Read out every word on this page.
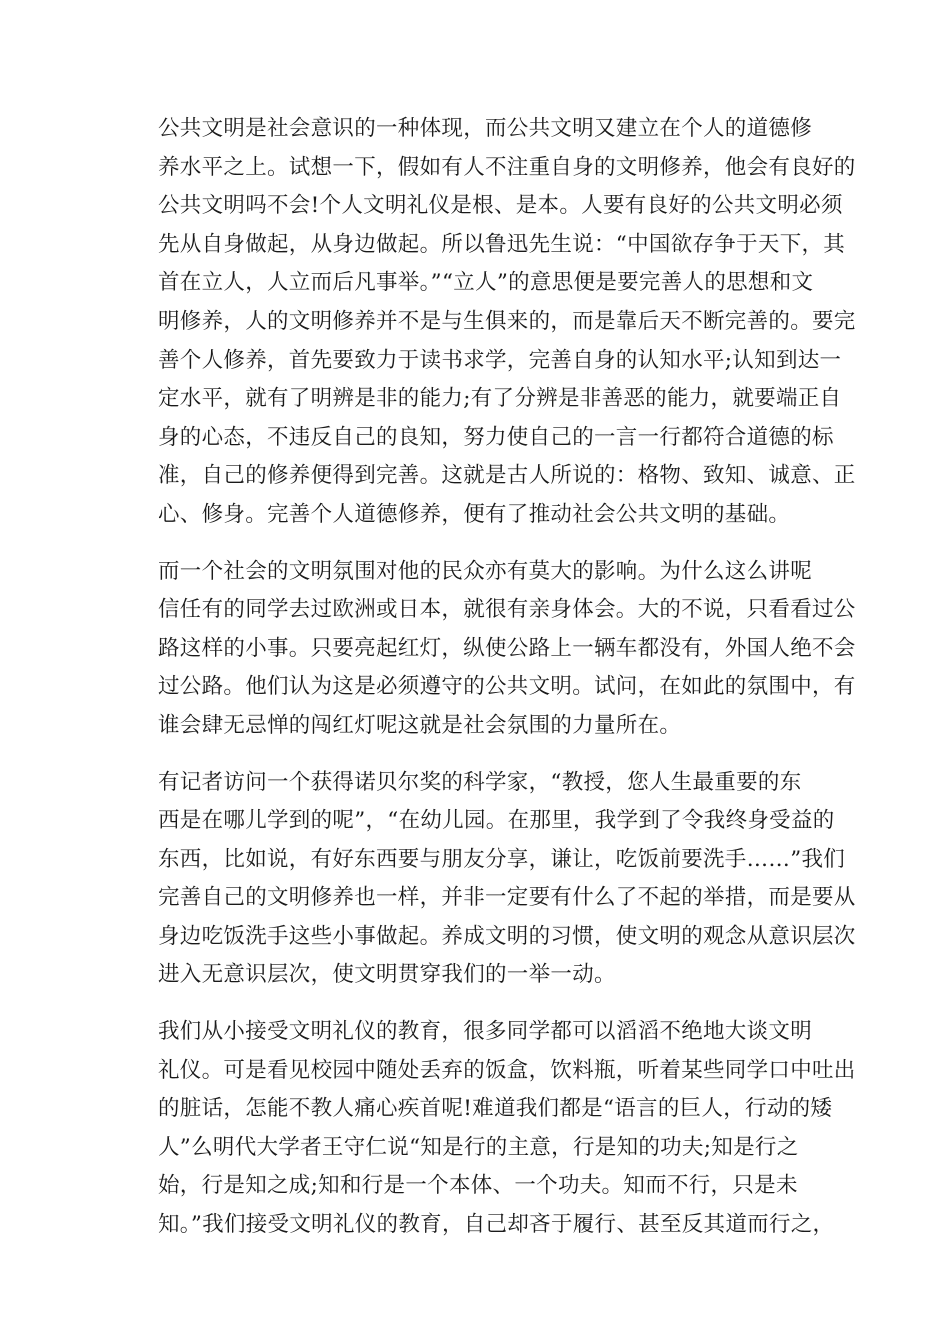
公共文明是社会意识的一种体现，而公共文明又建立在个人的道德修
养水平之上。试想一下，假如有人不注重自身的文明修养，他会有良好的
公共文明吗不会!个人文明礼仪是根、是本。人要有良好的公共文明必须
先从自身做起，从身边做起。所以鲁迅先生说：“中国欲存争于天下，其
首在立人，人立而后凡事举。”“立人”的意思便是要完善人的思想和文
明修养，人的文明修养并不是与生俱来的，而是靠后天不断完善的。要完
善个人修养，首先要致力于读书求学，完善自身的认知水平;认知到达一
定水平，就有了明辨是非的能力;有了分辨是非善恶的能力，就要端正自
身的心态，不违反自己的良知，努力使自己的一言一行都符合道德的标
准，自己的修养便得到完善。这就是古人所说的：格物、致知、诚意、正
心、修身。完善个人道德修养，便有了推动社会公共文明的基础。

而一个社会的文明氛围对他的民众亦有莫大的影响。为什么这么讲呢
信任有的同学去过欧洲或日本，就很有亲身体会。大的不说，只看看过公
路这样的小事。只要亮起红灯，纵使公路上一辆车都没有，外国人绝不会
过公路。他们认为这是必须遵守的公共文明。试问，在如此的氛围中，有
谁会肆无忌惮的闯红灯呢这就是社会氛围的力量所在。

有记者访问一个获得诺贝尔奖的科学家，“教授，您人生最重要的东
西是在哪儿学到的呢”，“在幼儿园。在那里，我学到了令我终身受益的
东西，比如说，有好东西要与朋友分享，谦让，吃饭前要洗手……”我们
完善自己的文明修养也一样，并非一定要有什么了不起的举措，而是要从
身边吃饭洗手这些小事做起。养成文明的习惯，使文明的观念从意识层次
进入无意识层次，使文明贯穿我们的一举一动。

我们从小接受文明礼仪的教育，很多同学都可以滔滔不绝地大谈文明
礼仪。可是看见校园中随处丢弃的饭盒，饮料瓶，听着某些同学口中吐出
的脏话，怎能不教人痛心疾首呢!难道我们都是“语言的巨人，行动的矮
人”么明代大学者王守仁说“知是行的主意，行是知的功夫;知是行之
始，行是知之成;知和行是一个本体、一个功夫。知而不行，只是未
知。”我们接受文明礼仪的教育，自己却吝于履行、甚至反其道而行之，
